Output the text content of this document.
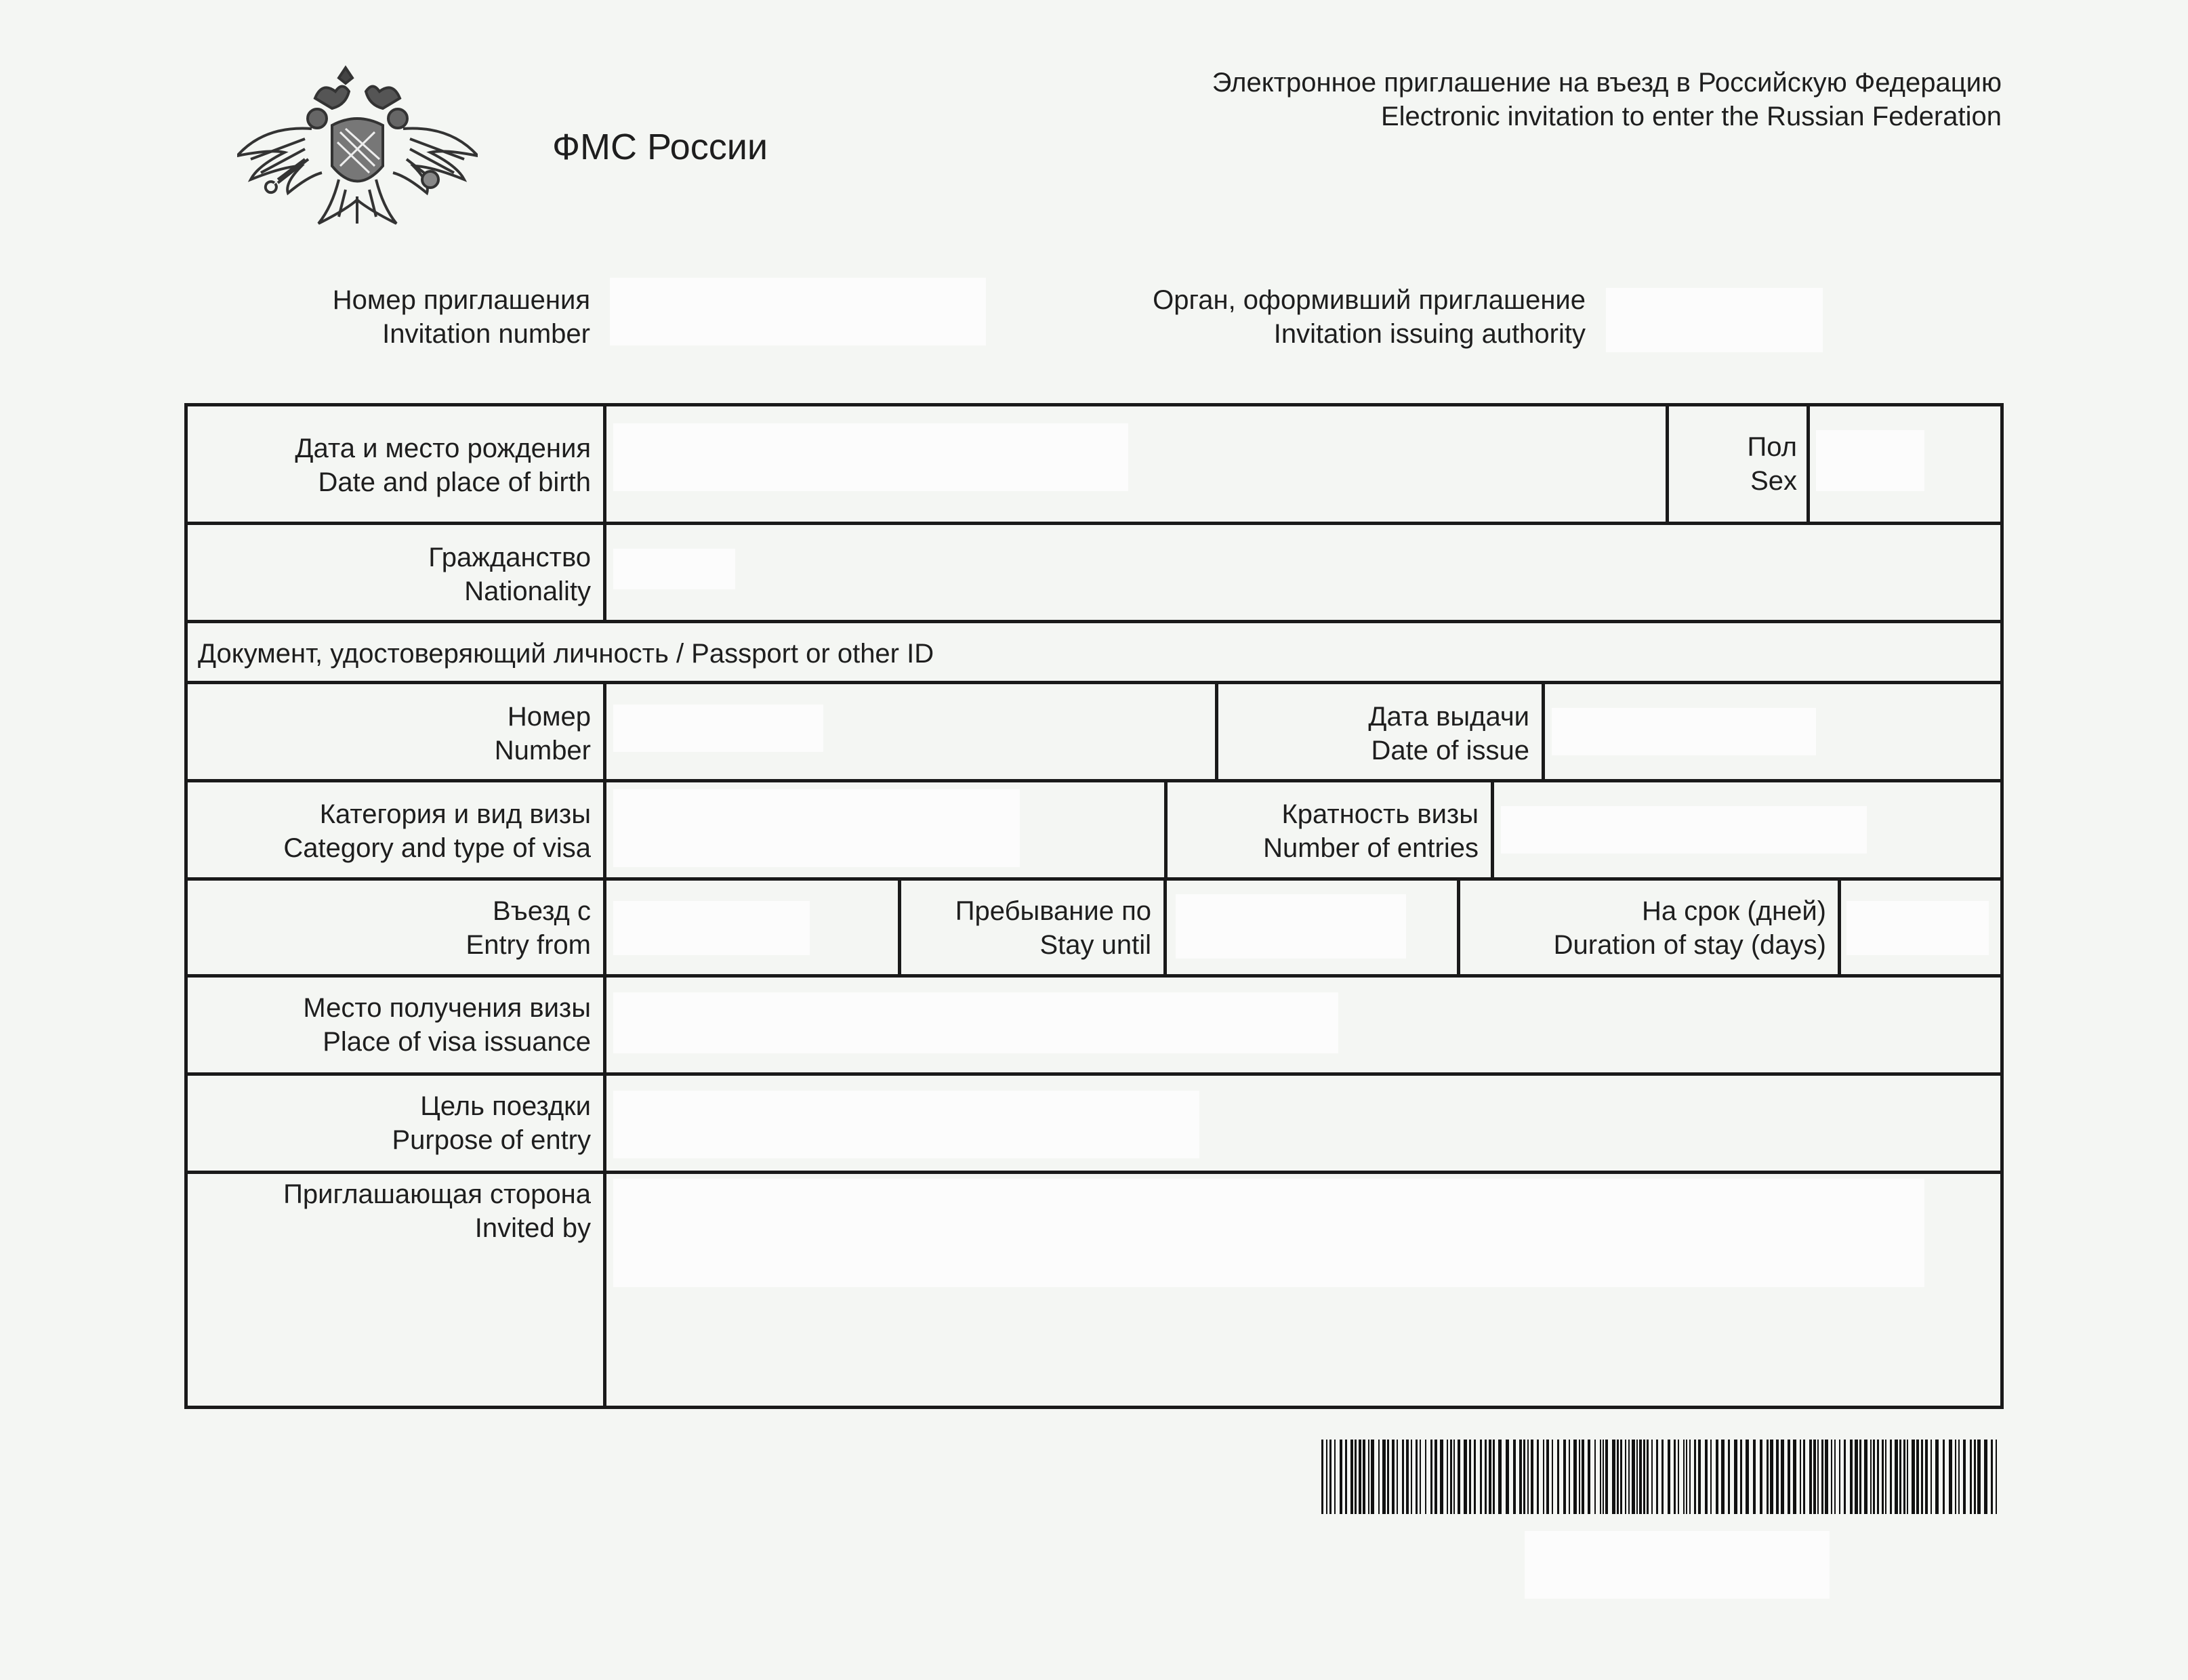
ФМС России
Электронное приглашение на въезд в Российскую Федерацию
Electronic invitation to enter the Russian Federation
Номер приглашения
Invitation number
Орган, оформивший приглашение
Invitation issuing authority
Дата и место рождения
Date and place of birth
Пол
Sex
Гражданство
Nationality
Документ, удостоверяющий личность / Passport or other ID
Номер
Number
Дата выдачи
Date of issue
Категория и вид визы
Category and type of visa
Кратность визы
Number of entries
Въезд с
Entry from
Пребывание по
Stay until
На срок (дней)
Duration of stay (days)
Место получения визы
Place of visa issuance
Цель поездки
Purpose of entry
Приглашающая сторона
Invited by
